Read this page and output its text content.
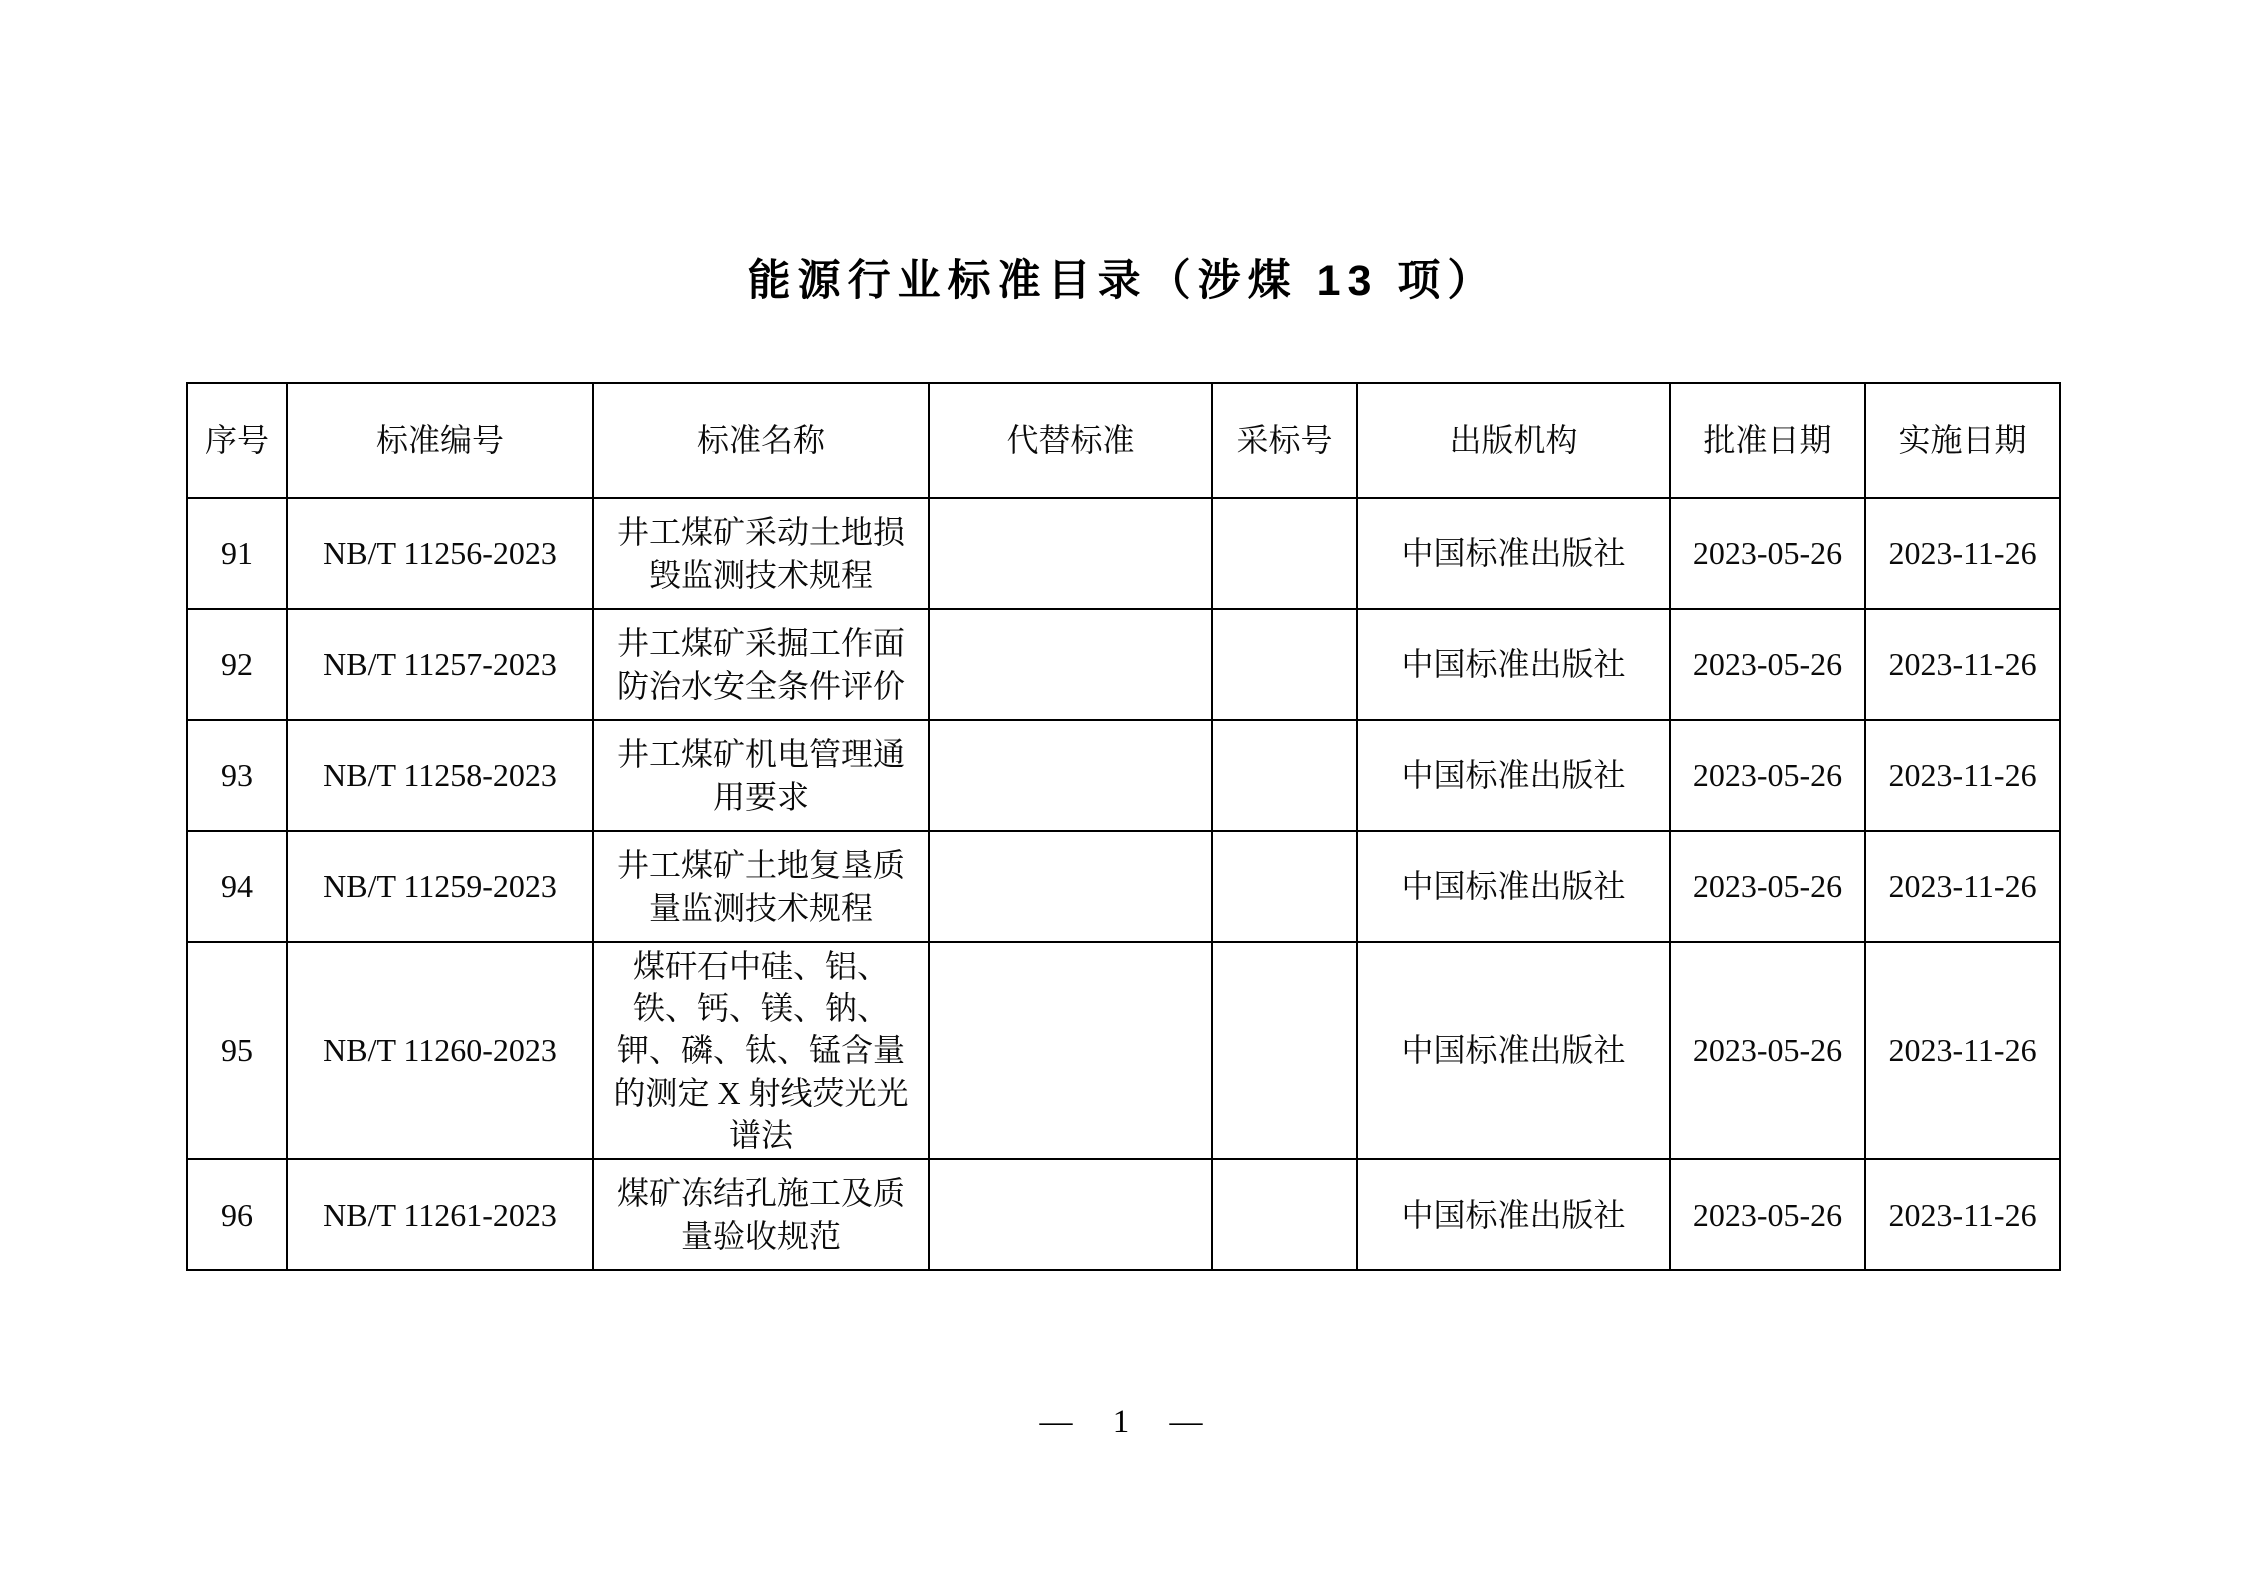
能源行业标准目录（涉煤 13 项）
序号	标准编号	标准名称	代替标准	采标号	出版机构	批准日期	实施日期
91	NB/T 11256-2023	井工煤矿采动土地损毁监测技术规程			中国标准出版社	2023-05-26	2023-11-26
92	NB/T 11257-2023	井工煤矿采掘工作面防治水安全条件评价			中国标准出版社	2023-05-26	2023-11-26
93	NB/T 11258-2023	井工煤矿机电管理通用要求			中国标准出版社	2023-05-26	2023-11-26
94	NB/T 11259-2023	井工煤矿土地复垦质量监测技术规程			中国标准出版社	2023-05-26	2023-11-26
95	NB/T 11260-2023	煤矸石中硅、铝、铁、钙、镁、钠、钾、磷、钛、锰含量的测定 X 射线荧光光谱法			中国标准出版社	2023-05-26	2023-11-26
96	NB/T 11261-2023	煤矿冻结孔施工及质量验收规范			中国标准出版社	2023-05-26	2023-11-26
— 1 —
